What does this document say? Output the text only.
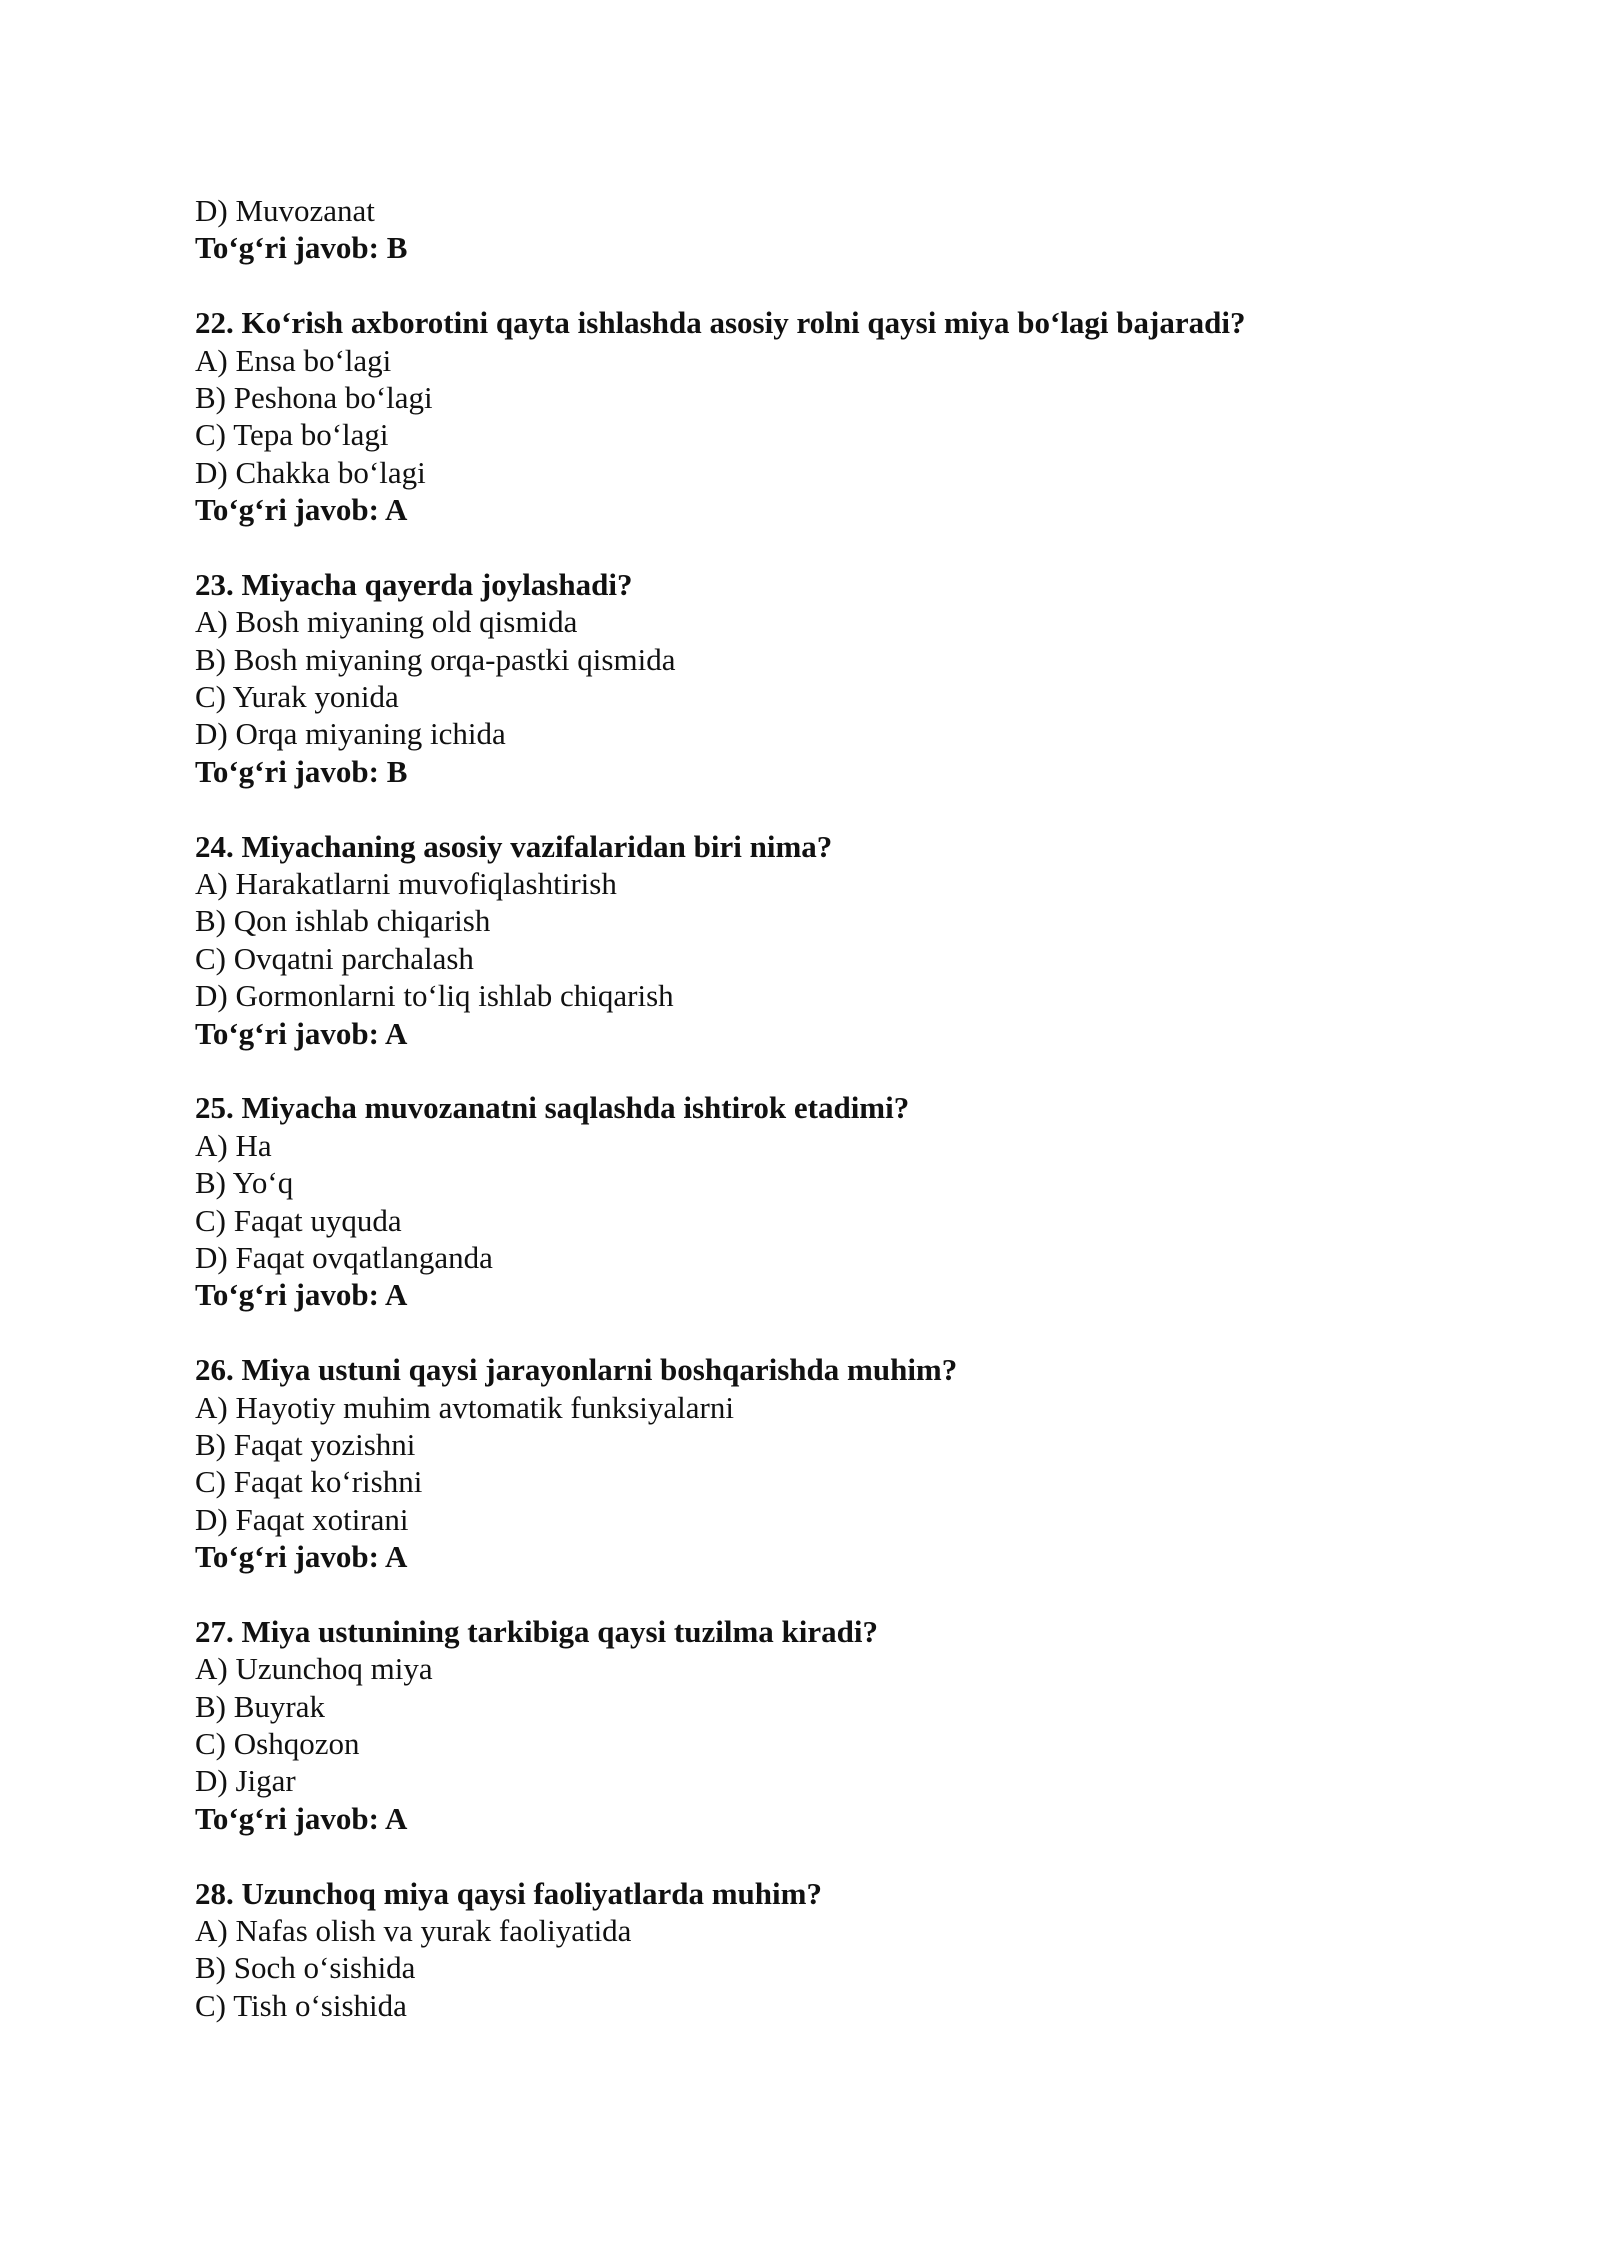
D) Muvozanat
To‘g‘ri javob: B
22. Ko‘rish axborotini qayta ishlashda asosiy rolni qaysi miya bo‘lagi bajaradi?
A) Ensa bo‘lagi
B) Peshona bo‘lagi
C) Tepa bo‘lagi
D) Chakka bo‘lagi
To‘g‘ri javob: A
23. Miyacha qayerda joylashadi?
A) Bosh miyaning old qismida
B) Bosh miyaning orqa-pastki qismida
C) Yurak yonida
D) Orqa miyaning ichida
To‘g‘ri javob: B
24. Miyachaning asosiy vazifalaridan biri nima?
A) Harakatlarni muvofiqlashtirish
B) Qon ishlab chiqarish
C) Ovqatni parchalash
D) Gormonlarni to‘liq ishlab chiqarish
To‘g‘ri javob: A
25. Miyacha muvozanatni saqlashda ishtirok etadimi?
A) Ha
B) Yo‘q
C) Faqat uyquda
D) Faqat ovqatlanganda
To‘g‘ri javob: A
26. Miya ustuni qaysi jarayonlarni boshqarishda muhim?
A) Hayotiy muhim avtomatik funksiyalarni
B) Faqat yozishni
C) Faqat ko‘rishni
D) Faqat xotirani
To‘g‘ri javob: A
27. Miya ustunining tarkibiga qaysi tuzilma kiradi?
A) Uzunchoq miya
B) Buyrak
C) Oshqozon
D) Jigar
To‘g‘ri javob: A
28. Uzunchoq miya qaysi faoliyatlarda muhim?
A) Nafas olish va yurak faoliyatida
B) Soch o‘sishida
C) Tish o‘sishida
